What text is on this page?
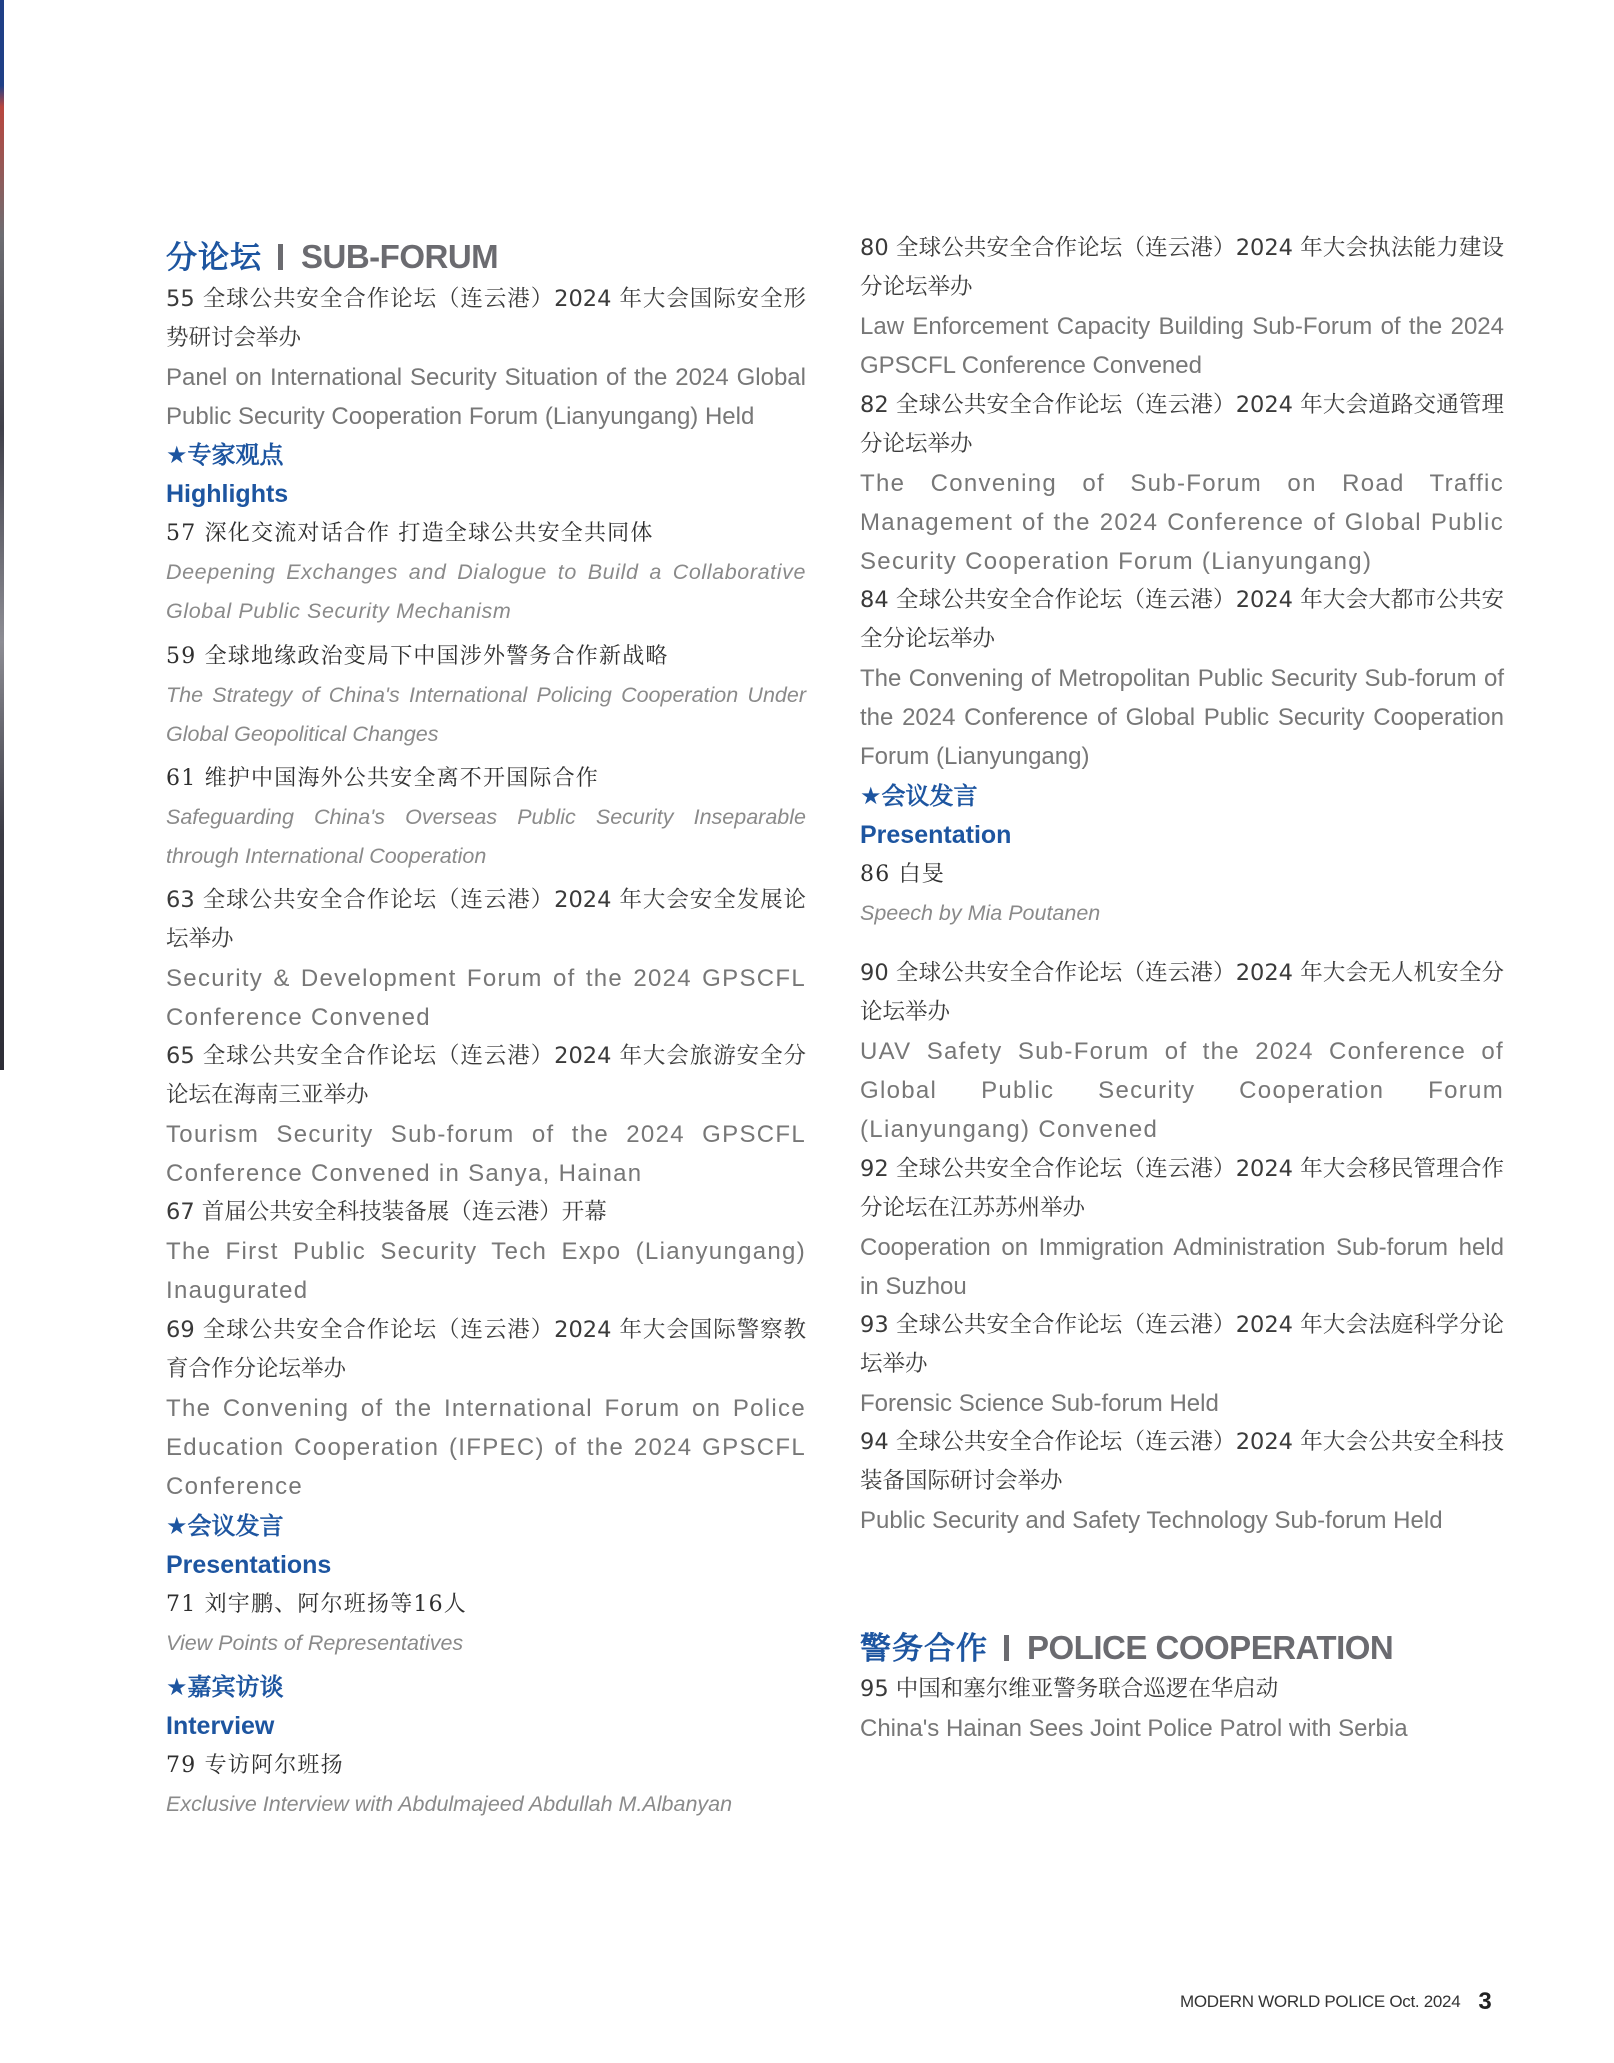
分论坛 SUB-FORUM
55 全球公共安全合作论坛（连云港）2024 年大会国际安全形势研讨会举办
Panel on International Security Situation of the 2024 Global Public Security Cooperation Forum (Lianyungang) Held
★专家观点
Highlights
57 深化交流对话合作 打造全球公共安全共同体
Deepening Exchanges and Dialogue to Build a Collaborative Global Public Security Mechanism
59 全球地缘政治变局下中国涉外警务合作新战略
The Strategy of China's International Policing Cooperation Under Global Geopolitical Changes
61 维护中国海外公共安全离不开国际合作
Safeguarding China's Overseas Public Security Inseparable through International Cooperation
63 全球公共安全合作论坛（连云港）2024 年大会安全发展论坛举办
Security & Development Forum of the 2024 GPSCFL Conference Convened
65 全球公共安全合作论坛（连云港）2024 年大会旅游安全分论坛在海南三亚举办
Tourism Security Sub-forum of the 2024 GPSCFL Conference Convened in Sanya, Hainan
67 首届公共安全科技装备展（连云港）开幕
The First Public Security Tech Expo (Lianyungang) Inaugurated
69 全球公共安全合作论坛（连云港）2024 年大会国际警察教育合作分论坛举办
The Convening of the International Forum on Police Education Cooperation (IFPEC) of the 2024 GPSCFL Conference
★会议发言
Presentations
71 刘宇鹏、阿尔班扬等16人
View Points of Representatives
★嘉宾访谈
Interview
79 专访阿尔班扬
Exclusive Interview with Abdulmajeed Abdullah M.Albanyan
80 全球公共安全合作论坛（连云港）2024 年大会执法能力建设分论坛举办
Law Enforcement Capacity Building Sub-Forum of the 2024 GPSCFL Conference Convened
82 全球公共安全合作论坛（连云港）2024 年大会道路交通管理分论坛举办
The Convening of Sub-Forum on Road Traffic Management of the 2024 Conference of Global Public Security Cooperation Forum (Lianyungang)
84 全球公共安全合作论坛（连云港）2024 年大会大都市公共安全分论坛举办
The Convening of Metropolitan Public Security Sub-forum of the 2024 Conference of Global Public Security Cooperation Forum (Lianyungang)
★会议发言
Presentation
86 白旻
Speech by Mia Poutanen
90 全球公共安全合作论坛（连云港）2024 年大会无人机安全分论坛举办
UAV Safety Sub-Forum of the 2024 Conference of Global Public Security Cooperation Forum (Lianyungang) Convened
92 全球公共安全合作论坛（连云港）2024 年大会移民管理合作分论坛在江苏苏州举办
Cooperation on Immigration Administration Sub-forum held in Suzhou
93 全球公共安全合作论坛（连云港）2024 年大会法庭科学分论坛举办
Forensic Science Sub-forum Held
94 全球公共安全合作论坛（连云港）2024 年大会公共安全科技装备国际研讨会举办
Public Security and Safety Technology Sub-forum Held
警务合作 POLICE COOPERATION
95 中国和塞尔维亚警务联合巡逻在华启动
China's Hainan Sees Joint Police Patrol with Serbia
MODERN WORLD POLICE Oct. 2024 3
